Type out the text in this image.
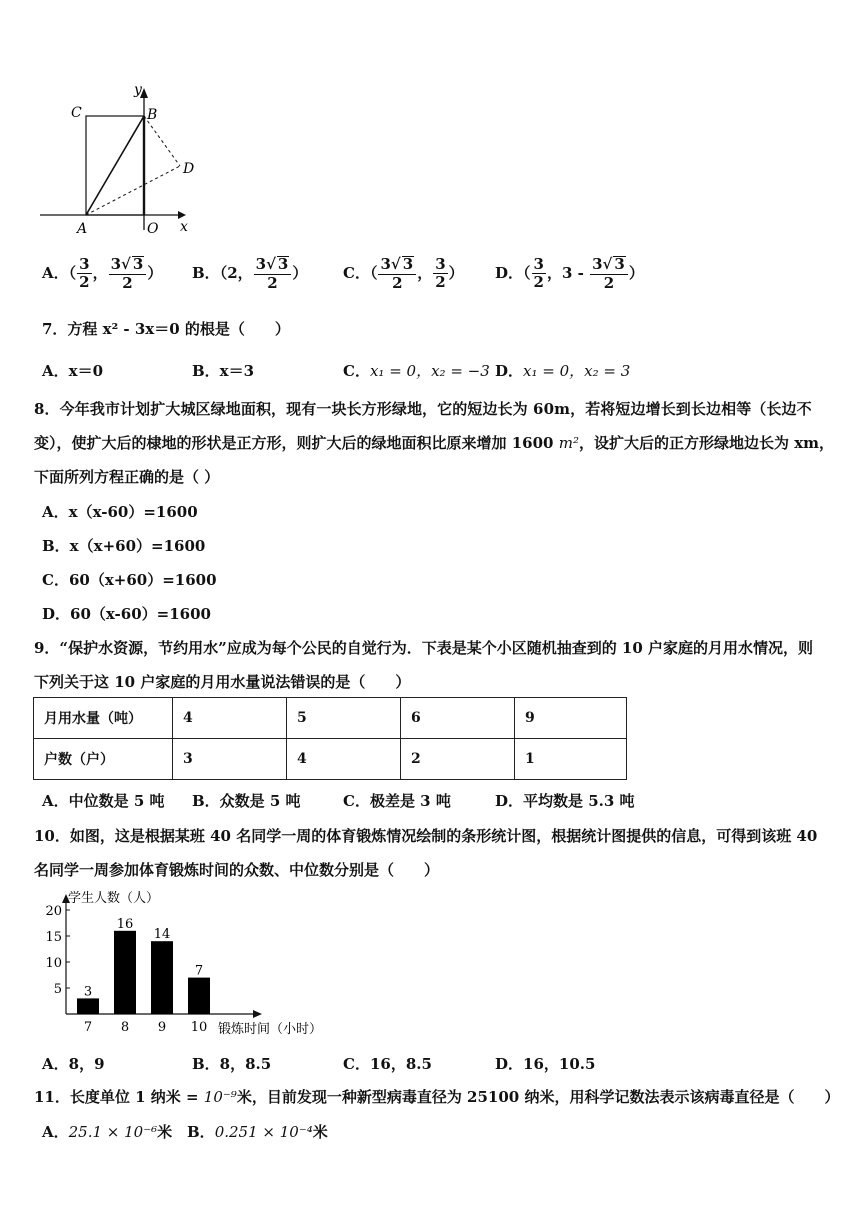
y
C	B
D
A	O x
A．（ $\frac{3}{2}$ ， $\frac{3√ 3}{2}$ ） B．（2， $\frac{3√ 3}{2}$ ） C．（ $\frac{3√ 3}{2}$ ， $\frac{3}{2}$ ） D．（ $\frac{3}{2}$ ，$3 - \frac{3√ 3}{2}$ ）
7．方程 x² - 3x＝0 的根是（　　）
A．x＝0	B．x＝3	C．x₁ = 0，x₂ = −3 D．x₁ = 0，x₂ = 3
8．今年我市计划扩大城区绿地面积，现有一块长方形绿地，它的短边长为 60m，若将短边增长到长边相等（长边不
变），使扩大后的棣地的形状是正方形，则扩大后的绿地面积比原来增加 1600 m²，设扩大后的正方形绿地边长为 xm，
下面所列方程正确的是（ ）
A．x（x-60）=1600
B．x（x+60）=1600
C．60（x+60）=1600
D．60（x-60）=1600
9．“保护水资源，节约用水”应成为每个公民的自觉行为．下表是某个小区随机抽查到的 10 户家庭的月用水情况，则
下列关于这 10 户家庭的月用水量说法错误的是（　　）
月用水量（吨）	4	5	6	9
户数（户）	3	4	2	1
A．中位数是 5 吨 B．众数是 5 吨	C．极差是 3 吨	D．平均数是 5.3 吨
10．如图，这是根据某班 40 名同学一周的体育锻炼情况绘制的条形统计图，根据统计图提供的信息，可得到该班 40
名同学一周参加体育锻炼时间的众数、中位数分别是（　　）
学生人数（人）
锻炼时间（小时）
5
10
15
20
3
7
16
8
14
9
7
10
A．8，9	B．8，8.5	C．16，8.5	D．16，10.5
11．长度单位 1 纳米 = 10⁻⁹米，目前发现一种新型病毒直径为 25100 纳米，用科学记数法表示该病毒直径是（　　）
A．25.1 × 10⁻⁶米 B．0.251 × 10⁻⁴米
